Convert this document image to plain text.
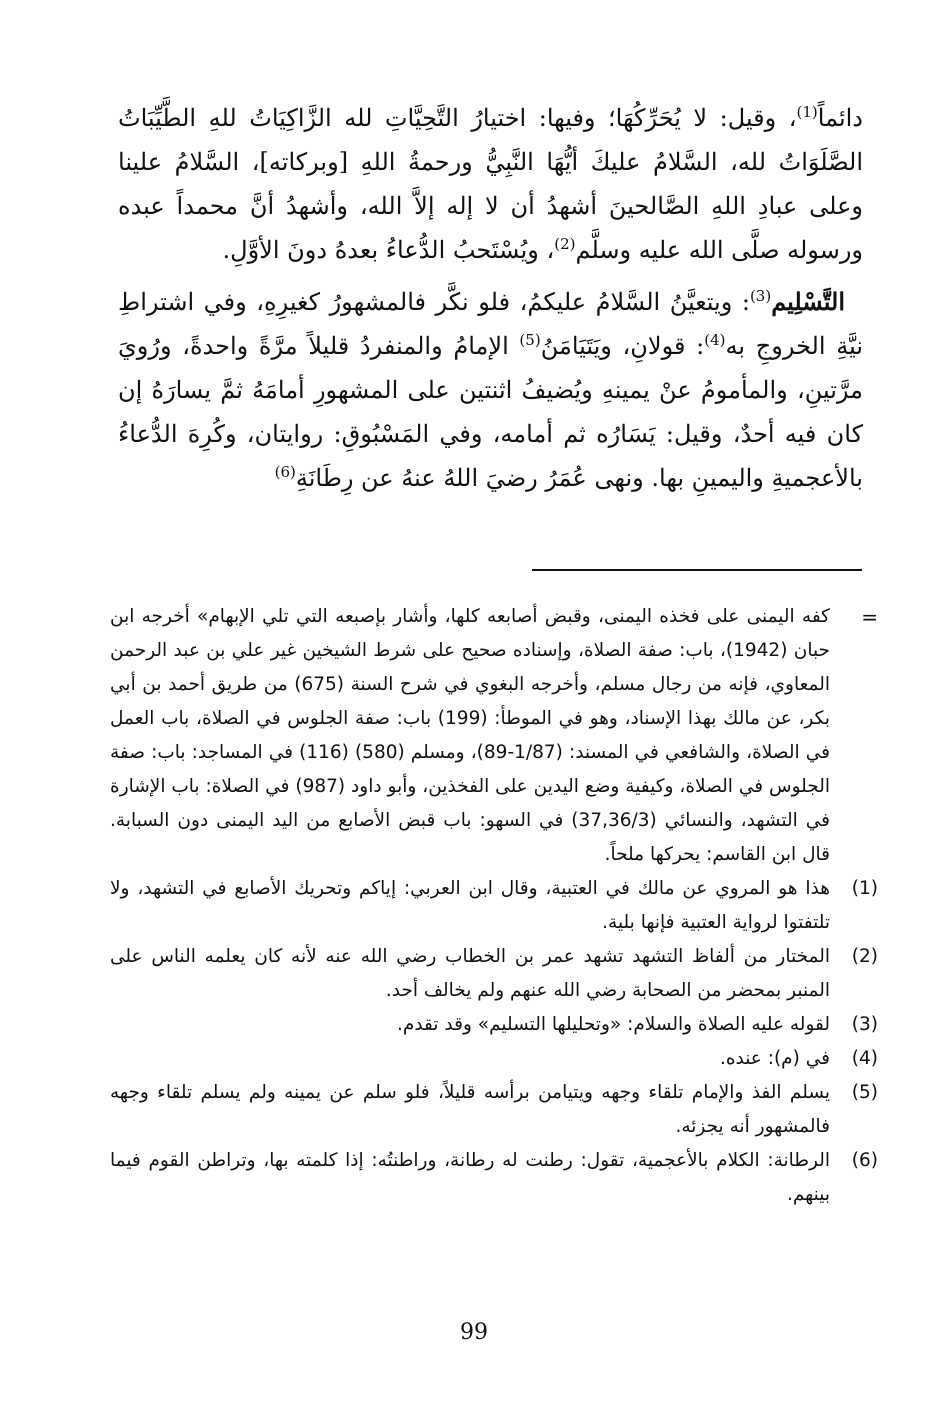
دائماً$^{(1)}$، وقيل: لا يُحَرِّكُهَا؛ وفيها: اختيارُ التَّحِيَّاتِ لله الزَّاكِيَاتُ للهِ الطَّيِّبَاتُ الصَّلَوَاتُ لله، السَّلامُ عليكَ أيُّهَا النَّبِيُّ ورحمةُ اللهِ [وبركاته]، السَّلامُ علينا وعلى عبادِ اللهِ الصَّالحينَ أشهدُ أن لا إله إلاَّ الله، وأشهدُ أنَّ محمداً عبده ورسوله صلَّى الله عليه وسلَّم$^{(2)}$، ويُسْتَحبُ الدُّعاءُ بعدهُ دونَ الأوَّلِ.

التَّسْلِيم$^{(3)}$: ويتعيَّنُ السَّلامُ عليكمُ، فلو نكَّر فالمشهورُ كغيرِهِ، وفي اشتراطِ نيَّةِ الخروجِ به$^{(4)}$: قولانِ، ويَتَيَامَنُ$^{(5)}$ الإمامُ والمنفردُ قليلاً مرَّةً واحدةً، ورُويَ مرَّتينِ، والمأمومُ عنْ يمينهِ ويُضيفُ اثنتين على المشهورِ أمامَهُ ثمَّ يسارَهُ إن كان فيه أحدٌ، وقيل: يَسَارُه ثم أمامه، وفي المَسْبُوقِ: روايتان، وكُرِهَ الدُّعاءُ بالأعجميةِ واليمينِ بها. ونهى عُمَرُ رضيَ اللهُ عنهُ عن رِطَانَةِ$^{(6)}$

=
كفه اليمنى على فخذه اليمنى، وقبض أصابعه كلها، وأشار بإصبعه التي تلي الإبهام» أخرجه ابن حبان (1942)، باب: صفة الصلاة، وإسناده صحيح على شرط الشيخين غير علي بن عبد الرحمن المعاوي، فإنه من رجال مسلم، وأخرجه البغوي في شرح السنة (675) من طريق أحمد بن أبي بكر، عن مالك بهذا الإسناد، وهو في الموطأ: (199) باب: صفة الجلوس في الصلاة، باب العمل في الصلاة، والشافعي في المسند: (1/87-89)، ومسلم (580) (116) في المساجد: باب: صفة الجلوس في الصلاة، وكيفية وضع اليدين على الفخذين، وأبو داود (987) في الصلاة: باب الإشارة في التشهد، والنسائي (37,36/3) في السهو: باب قبض الأصابع من اليد اليمنى دون السبابة. قال ابن القاسم: يحركها ملحاً.
(1)
هذا هو المروي عن مالك في العتبية، وقال ابن العربي: إياكم وتحريك الأصابع في التشهد، ولا تلتفتوا لرواية العتبية فإنها بلية.
(2)
المختار من ألفاظ التشهد تشهد عمر بن الخطاب رضي الله عنه لأنه كان يعلمه الناس على المنبر بمحضر من الصحابة رضي الله عنهم ولم يخالف أحد.
(3)
لقوله عليه الصلاة والسلام: «وتحليلها التسليم» وقد تقدم.
(4)
في (م): عنده.
(5)
يسلم الفذ والإمام تلقاء وجهه ويتيامن برأسه قليلاً، فلو سلم عن يمينه ولم يسلم تلقاء وجهه فالمشهور أنه يجزئه.
(6)
الرطانة: الكلام بالأعجمية، تقول: رطنت له رطانة، وراطنتُه: إذا كلمته بها، وتراطن القوم فيما بينهم.
99
